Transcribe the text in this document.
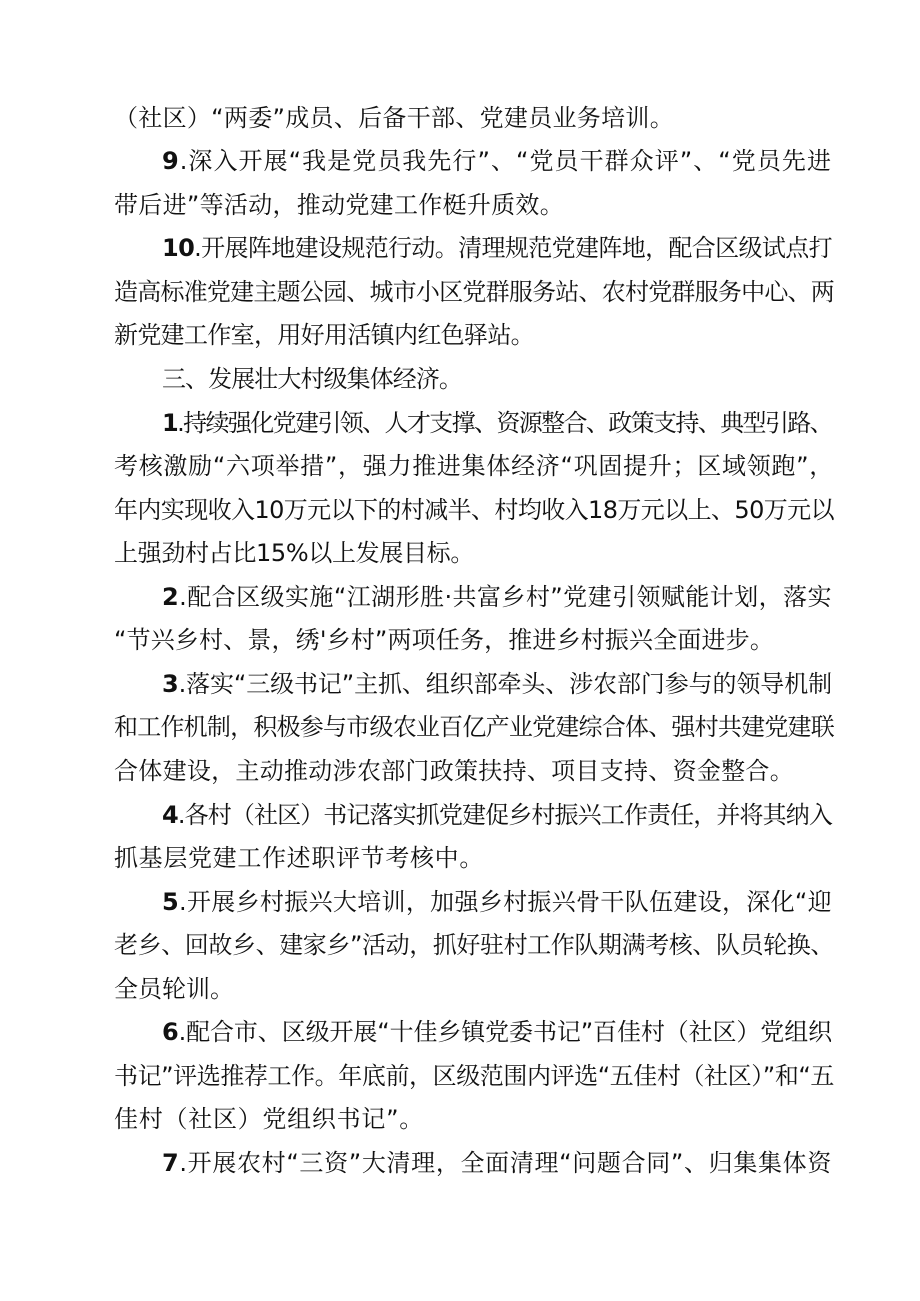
（社区）“两委”成员、后备干部、党建员业务培训。
9.深入开展“我是党员我先行”、“党员干群众评”、“党员先进
带后进”等活动，推动党建工作梃升质效。
10.开展阵地建设规范行动。清理规范党建阵地，配合区级试点打
造高标准党建主题公园、城市小区党群服务站、农村党群服务中心、两
新党建工作室，用好用活镇内红色驿站。
三、发展壮大村级集体经济。
1.持续强化党建引领、人才支撑、资源整合、政策支持、典型引路、
考核激励“六项举措”，强力推进集体经济“巩固提升；区域领跑”，
年内实现收入10万元以下的村减半、村均收入18万元以上、50万元以
上强劲村占比15%以上发展目标。
2.配合区级实施“江湖形胜·共富乡村”党建引领赋能计划，落实
“节兴乡村、景，绣'乡村”两项任务，推进乡村振兴全面进步。
3.落实“三级书记”主抓、组织部牵头、涉农部门参与的领导机制
和工作机制，积极参与市级农业百亿产业党建综合体、强村共建党建联
合体建设，主动推动涉农部门政策扶持、项目支持、资金整合。
4.各村（社区）书记落实抓党建促乡村振兴工作责任，并将其纳入
抓基层党建工作述职评节考核中。
5.开展乡村振兴大培训，加强乡村振兴骨干队伍建设，深化“迎
老乡、回故乡、建家乡”活动，抓好驻村工作队期满考核、队员轮换、
全员轮训。
6.配合市、区级开展“十佳乡镇党委书记”百佳村（社区）党组织
书记”评选推荐工作。年底前，区级范围内评选“五佳村（社区）”和“五
佳村（社区）党组织书记”。
7.开展农村“三资”大清理，全面清理“问题合同”、归集集体资
